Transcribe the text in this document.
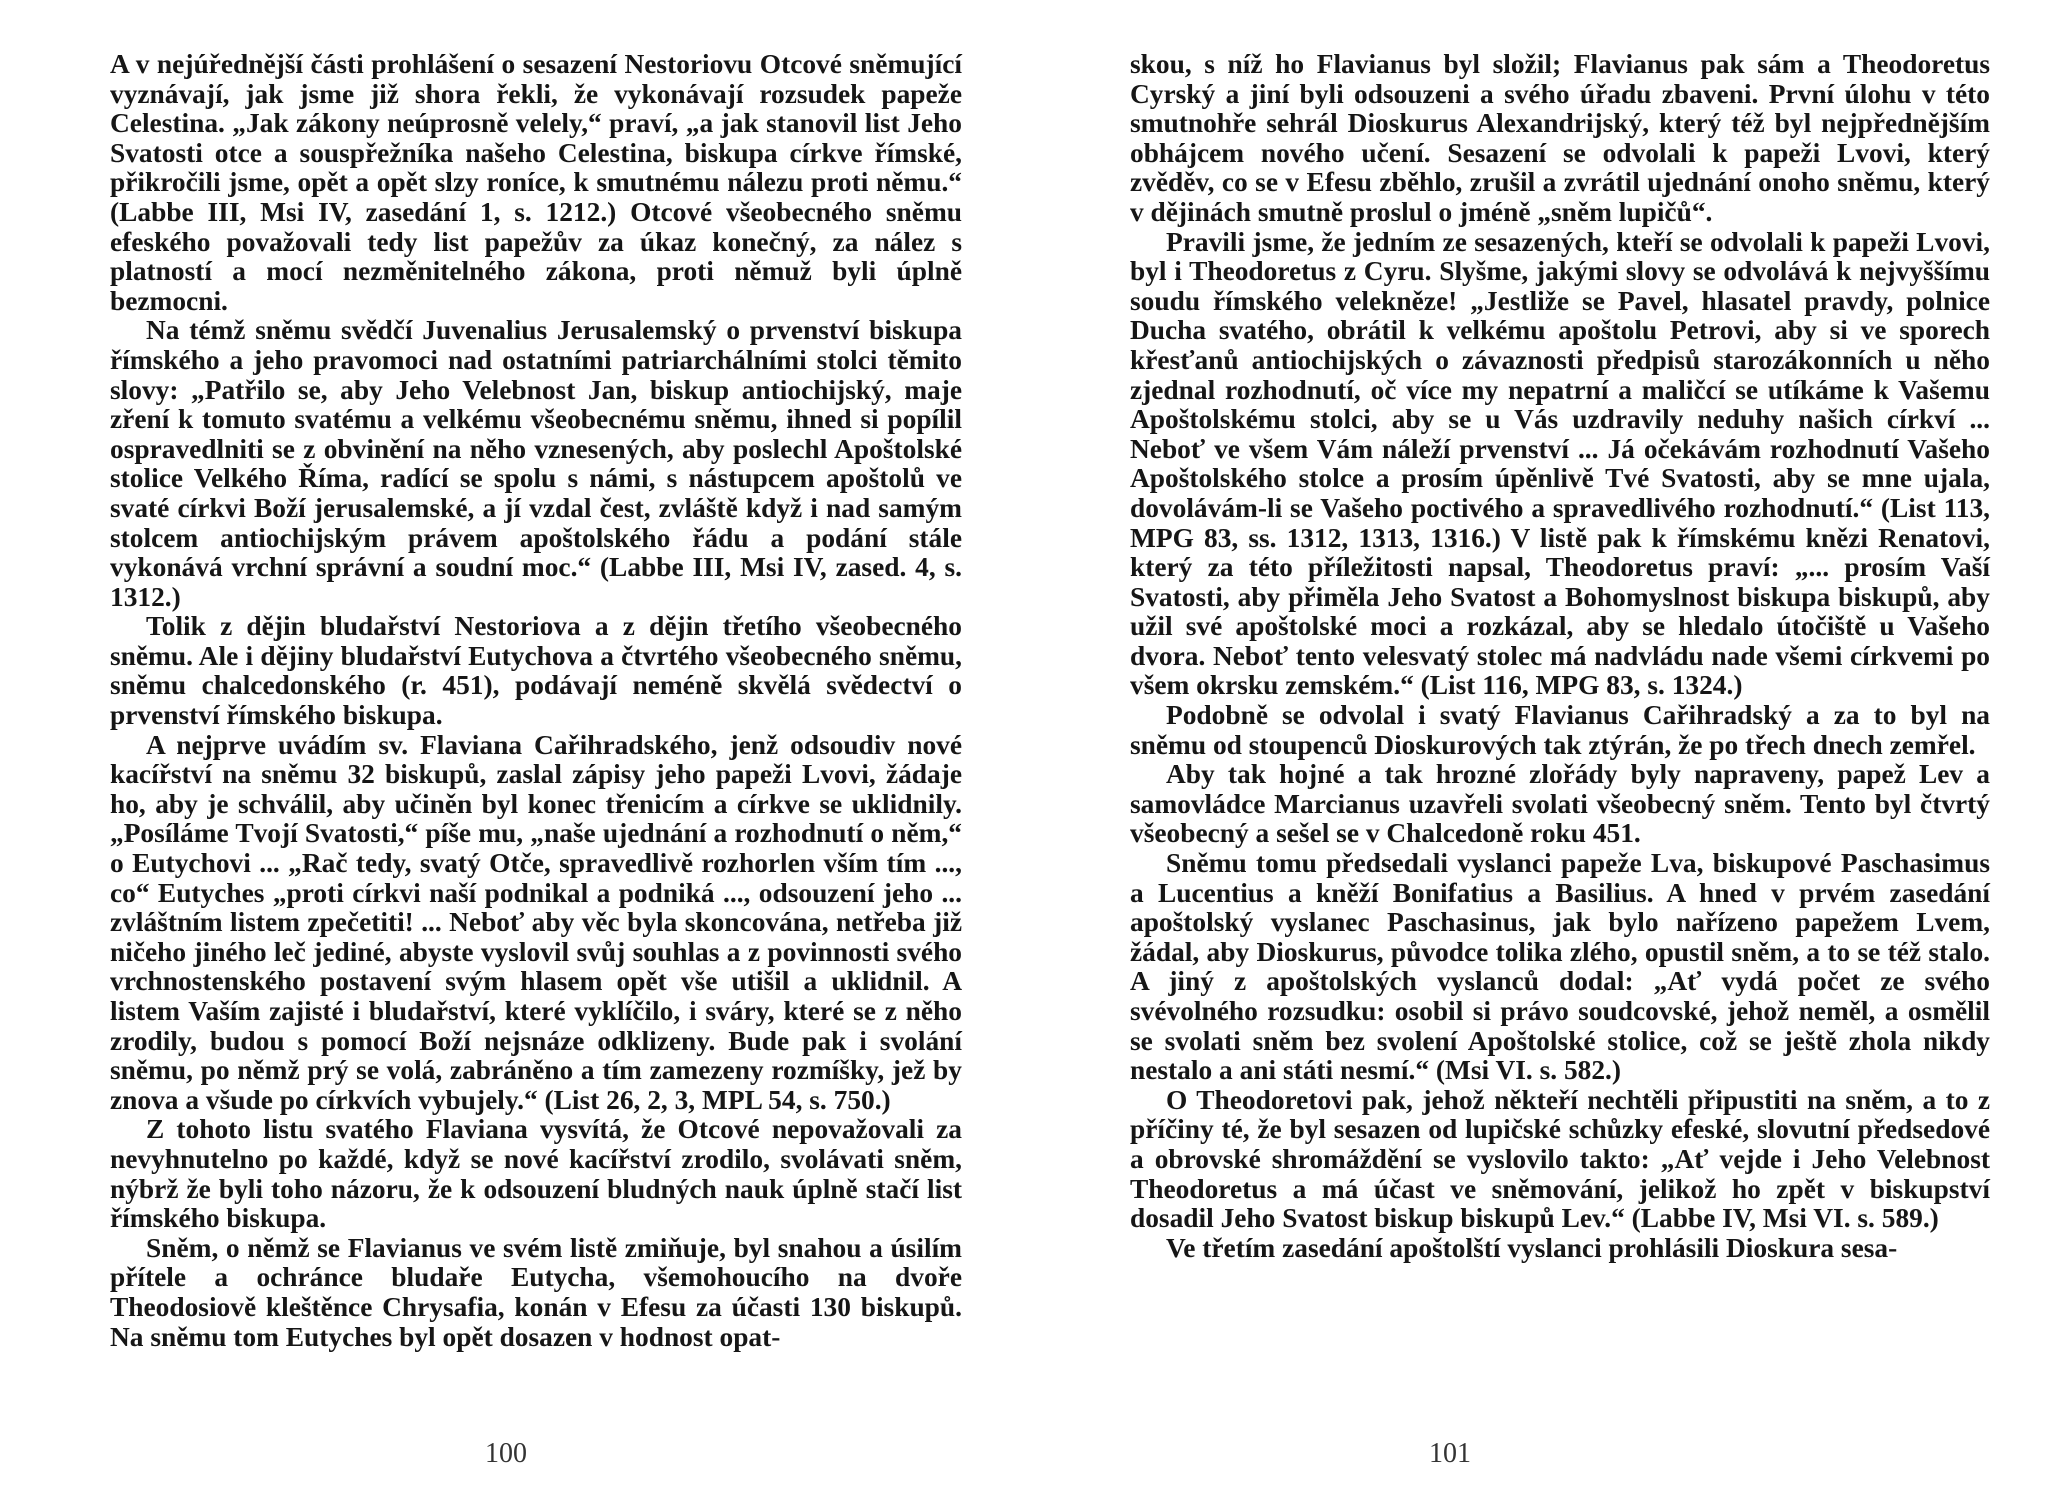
A v nejúřednější části prohlášení o sesazení Nestoriovu Otcové sněmující vyznávají, jak jsme již shora řekli, že vykonávají rozsudek papeže Celestina. „Jak zákony neúprosně velely,“ praví, „a jak stanovil list Jeho Svatosti otce a souspřežníka našeho Celestina, biskupa církve římské, přikročili jsme, opět a opět slzy roníce, k smutnému nálezu proti němu.“ (Labbe III, Msi IV, zasedání 1, s. 1212.) Otcové všeobecného sněmu efeského považovali tedy list papežův za úkaz konečný, za nález s platností a mocí nezměnitelného zákona, proti němuž byli úplně bezmocni.

Na témž sněmu svědčí Juvenalius Jerusalemský o prvenství biskupa římského a jeho pravomoci nad ostatními patriarchálními stolci těmito slovy: „Patřilo se, aby Jeho Velebnost Jan, biskup antiochijský, maje zření k tomuto svatému a velkému všeobecnému sněmu, ihned si popílil ospravedlniti se z obvinění na něho vznesených, aby poslechl Apoštolské stolice Velkého Říma, radící se spolu s námi, s nástupcem apoštolů ve svaté církvi Boží jerusalemské, a jí vzdal čest, zvláště když i nad samým stolcem antiochijským právem apoštolského řádu a podání stále vykonává vrchní správní a soudní moc.“ (Labbe III, Msi IV, zased. 4, s. 1312.)

Tolik z dějin bludařství Nestoriova a z dějin třetího všeobecného sněmu. Ale i dějiny bludařství Eutychova a čtvrtého všeobecného sněmu, sněmu chalcedonského (r. 451), podávají neméně skvělá svědectví o prvenství římského biskupa.

A nejprve uvádím sv. Flaviana Cařihradského, jenž odsoudiv nové kacířství na sněmu 32 biskupů, zaslal zápisy jeho papeži Lvovi, žádaje ho, aby je schválil, aby učiněn byl konec třenicím a církve se uklidnily. „Posíláme Tvojí Svatosti,“ píše mu, „naše ujednání a rozhodnutí o něm,“ o Eutychovi ... „Rač tedy, svatý Otče, spravedlivě rozhorlen vším tím ..., co“ Eutyches „proti církvi naší podnikal a podniká ..., odsouzení jeho ... zvláštním listem zpečetiti! ... Neboť aby věc byla skoncována, netřeba již ničeho jiného leč jediné, abyste vyslovil svůj souhlas a z povinnosti svého vrchnostenského postavení svým hlasem opět vše utišil a uklidnil. A listem Vaším zajisté i bludařství, které vyklíčilo, i sváry, které se z něho zrodily, budou s pomocí Boží nejsnáze odklizeny. Bude pak i svolání sněmu, po němž prý se volá, zabráněno a tím zamezeny rozmíšky, jež by znova a všude po církvích vybujely.“ (List 26, 2, 3, MPL 54, s. 750.)

Z tohoto listu svatého Flaviana vysvítá, že Otcové nepovažovali za nevyhnutelno po každé, když se nové kacířství zrodilo, svolávati sněm, nýbrž že byli toho názoru, že k odsouzení bludných nauk úplně stačí list římského biskupa.

Sněm, o němž se Flavianus ve svém listě zmiňuje, byl snahou a úsilím přítele a ochránce bludaře Eutycha, všemohoucího na dvoře Theodosiově kleštěnce Chrysafia, konán v Efesu za účasti 130 biskupů. Na sněmu tom Eutyches byl opět dosazen v hodnost opat-

100

skou, s níž ho Flavianus byl složil; Flavianus pak sám a Theodoretus Cyrský a jiní byli odsouzeni a svého úřadu zbaveni. První úlohu v této smutnohře sehrál Dioskurus Alexandrijský, který též byl nejpřednějším obhájcem nového učení. Sesazení se odvolali k papeži Lvovi, který zvěděv, co se v Efesu zběhlo, zrušil a zvrátil ujednání onoho sněmu, který v dějinách smutně proslul o jméně „sněm lupičů“.

Pravili jsme, že jedním ze sesazených, kteří se odvolali k papeži Lvovi, byl i Theodoretus z Cyru. Slyšme, jakými slovy se odvolává k nejvyššímu soudu římského velekněze! „Jestliže se Pavel, hlasatel pravdy, polnice Ducha svatého, obrátil k velkému apoštolu Petrovi, aby si ve sporech křesťanů antiochijských o závaznosti předpisů starozákonních u něho zjednal rozhodnutí, oč více my nepatrní a maličcí se utíkáme k Vašemu Apoštolskému stolci, aby se u Vás uzdravily neduhy našich církví ... Neboť ve všem Vám náleží prvenství ... Já očekávám rozhodnutí Vašeho Apoštolského stolce a prosím úpěnlivě Tvé Svatosti, aby se mne ujala, dovolávám-li se Vašeho poctivého a spravedlivého rozhodnutí.“ (List 113, MPG 83, ss. 1312, 1313, 1316.) V listě pak k římskému knězi Renatovi, který za této příležitosti napsal, Theodoretus praví: „... prosím Vaší Svatosti, aby přiměla Jeho Svatost a Bohomyslnost biskupa biskupů, aby užil své apoštolské moci a rozkázal, aby se hledalo útočiště u Vašeho dvora. Neboť tento velesvatý stolec má nadvládu nade všemi církvemi po všem okrsku zemském.“ (List 116, MPG 83, s. 1324.)

Podobně se odvolal i svatý Flavianus Cařihradský a za to byl na sněmu od stoupenců Dioskurových tak ztýrán, že po třech dnech zemřel.

Aby tak hojné a tak hrozné zlořády byly napraveny, papež Lev a samovládce Marcianus uzavřeli svolati všeobecný sněm. Tento byl čtvrtý všeobecný a sešel se v Chalcedoně roku 451.

Sněmu tomu předsedali vyslanci papeže Lva, biskupové Paschasimus a Lucentius a kněží Bonifatius a Basilius. A hned v prvém zasedání apoštolský vyslanec Paschasinus, jak bylo nařízeno papežem Lvem, žádal, aby Dioskurus, původce tolika zlého, opustil sněm, a to se též stalo. A jiný z apoštolských vyslanců dodal: „Ať vydá počet ze svého svévolného rozsudku: osobil si právo soudcovské, jehož neměl, a osmělil se svolati sněm bez svolení Apoštolské stolice, což se ještě zhola nikdy nestalo a ani státi nesmí.“ (Msi VI. s. 582.)

O Theodoretovi pak, jehož někteří nechtěli připustiti na sněm, a to z příčiny té, že byl sesazen od lupičské schůzky efeské, slovutní předsedové a obrovské shromáždění se vyslovilo takto: „Ať vejde i Jeho Velebnost Theodoretus a má účast ve sněmování, jelikož ho zpět v biskupství dosadil Jeho Svatost biskup biskupů Lev.“ (Labbe IV, Msi VI. s. 589.)

Ve třetím zasedání apoštolští vyslanci prohlásili Dioskura sesa-

101
